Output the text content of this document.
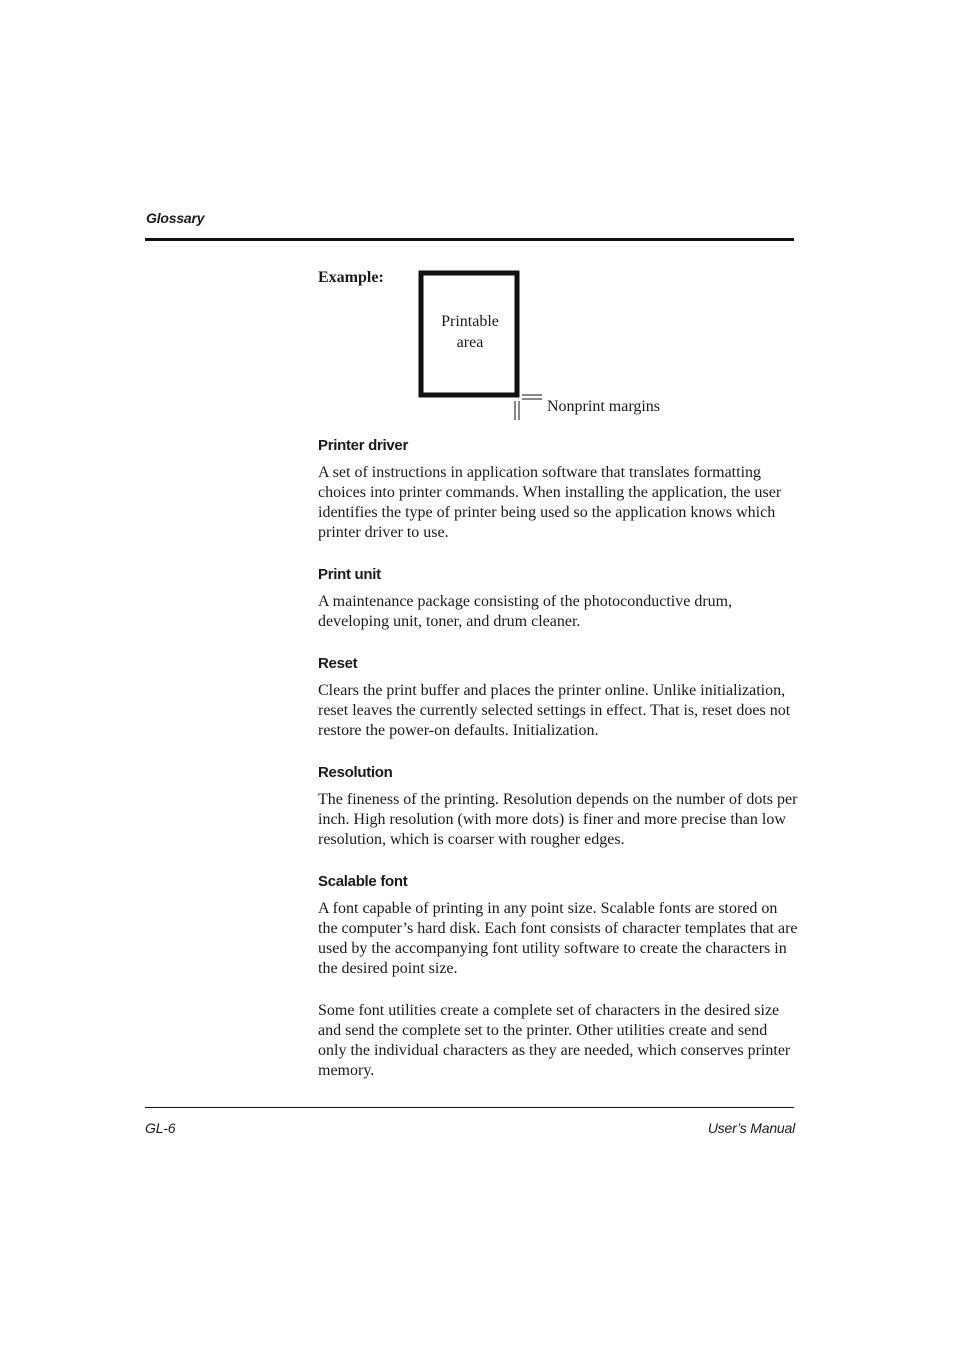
Glossary
Example:
Printable
area
Nonprint margins
Printer driver

A set of instructions in application software that translates formatting choices into printer commands. When installing the application, the user identifies the type of printer being used so the application knows which printer driver to use.

Print unit

A maintenance package consisting of the photoconductive drum, developing unit, toner, and drum cleaner.

Reset

Clears the print buffer and places the printer online. Unlike initialization, reset leaves the currently selected settings in effect. That is, reset does not restore the power-on defaults. Initialization.

Resolution

The fineness of the printing. Resolution depends on the number of dots per inch. High resolution (with more dots) is finer and more precise than low resolution, which is coarser with rougher edges.

Scalable font

A font capable of printing in any point size. Scalable fonts are stored on the computer’s hard disk. Each font consists of character templates that are used by the accompanying font utility software to create the characters in the desired point size.

Some font utilities create a complete set of characters in the desired size and send the complete set to the printer. Other utilities create and send only the individual characters as they are needed, which conserves printer memory.

GL-6	User’s Manual
